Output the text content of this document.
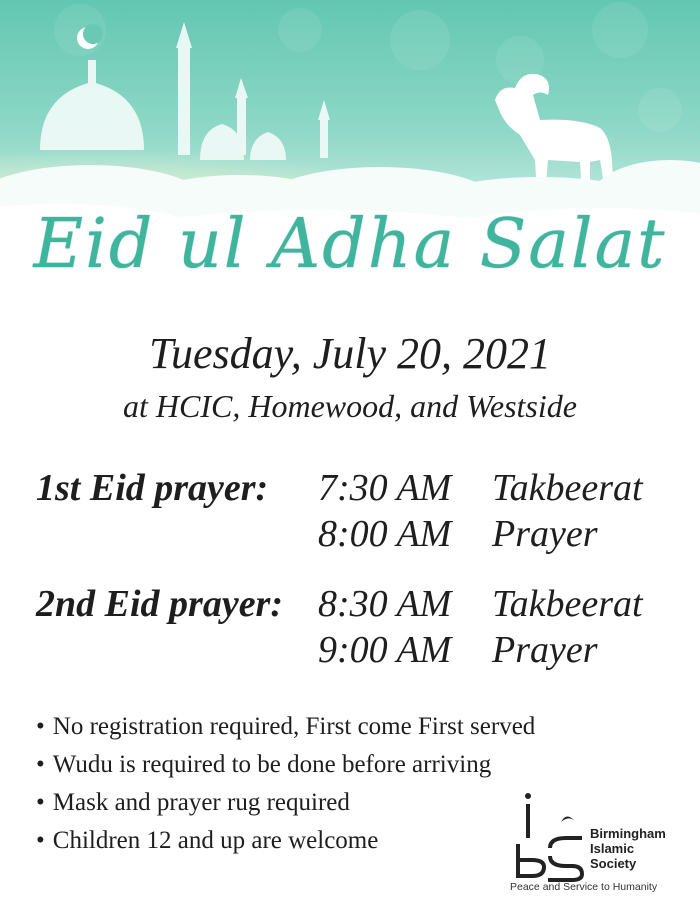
Eid ul Adha Salat
Tuesday, July 20, 2021
at HCIC, Homewood, and Westside
1st Eid prayer: 7:30 AM Takbeerat
8:00 AM Prayer
2nd Eid prayer: 8:30 AM Takbeerat
9:00 AM Prayer
• No registration required, First come First served
• Wudu is required to be done before arriving
• Mask and prayer rug required
• Children 12 and up are welcome	Birmingham
Islamic
Society
Peace and Service to Humanity
